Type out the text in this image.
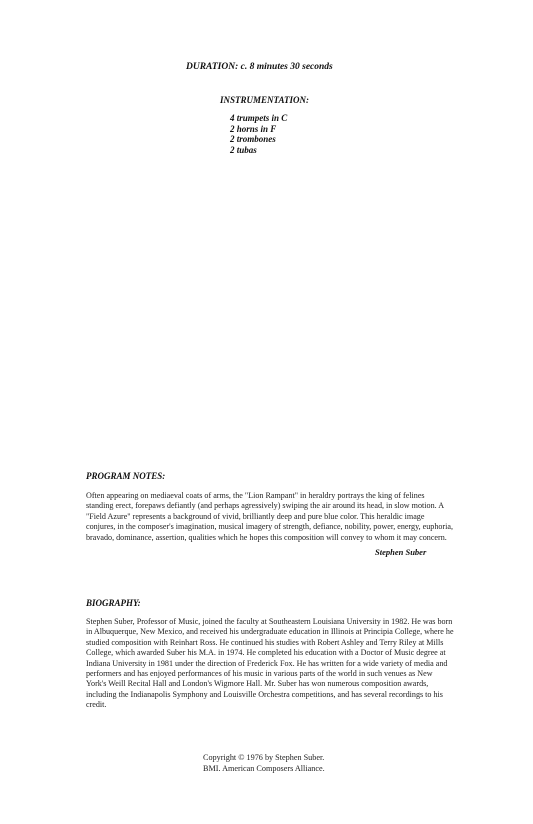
DURATION: c. 8 minutes 30 seconds
INSTRUMENTATION:
4 trumpets in C
2 horns in F
2 trombones
2 tubas
PROGRAM NOTES:

Often appearing on mediaeval coats of arms, the "Lion Rampant" in heraldry portrays the king of felines standing erect, forepaws defiantly (and perhaps agressively) swiping the air around its head, in slow motion. A "Field Azure" represents a background of vivid, brilliantly deep and pure blue color. This heraldic image conjures, in the composer's imagination, musical imagery of strength, defiance, nobility, power, energy, euphoria, bravado, dominance, assertion, qualities which he hopes this composition will convey to whom it may concern.

Stephen Suber
BIOGRAPHY:

Stephen Suber, Professor of Music, joined the faculty at Southeastern Louisiana University in 1982. He was born in Albuquerque, New Mexico, and received his undergraduate education in Illinois at Principia College, where he studied composition with Reinhart Ross. He continued his studies with Robert Ashley and Terry Riley at Mills College, which awarded Suber his M.A. in 1974. He completed his education with a Doctor of Music degree at Indiana University in 1981 under the direction of Frederick Fox. He has written for a wide variety of media and performers and has enjoyed performances of his music in various parts of the world in such venues as New York's Weill Recital Hall and London's Wigmore Hall. Mr. Suber has won numerous composition awards, including the Indianapolis Symphony and Louisville Orchestra competitions, and has several recordings to his credit.

Copyright © 1976 by Stephen Suber.
BMI. American Composers Alliance.
